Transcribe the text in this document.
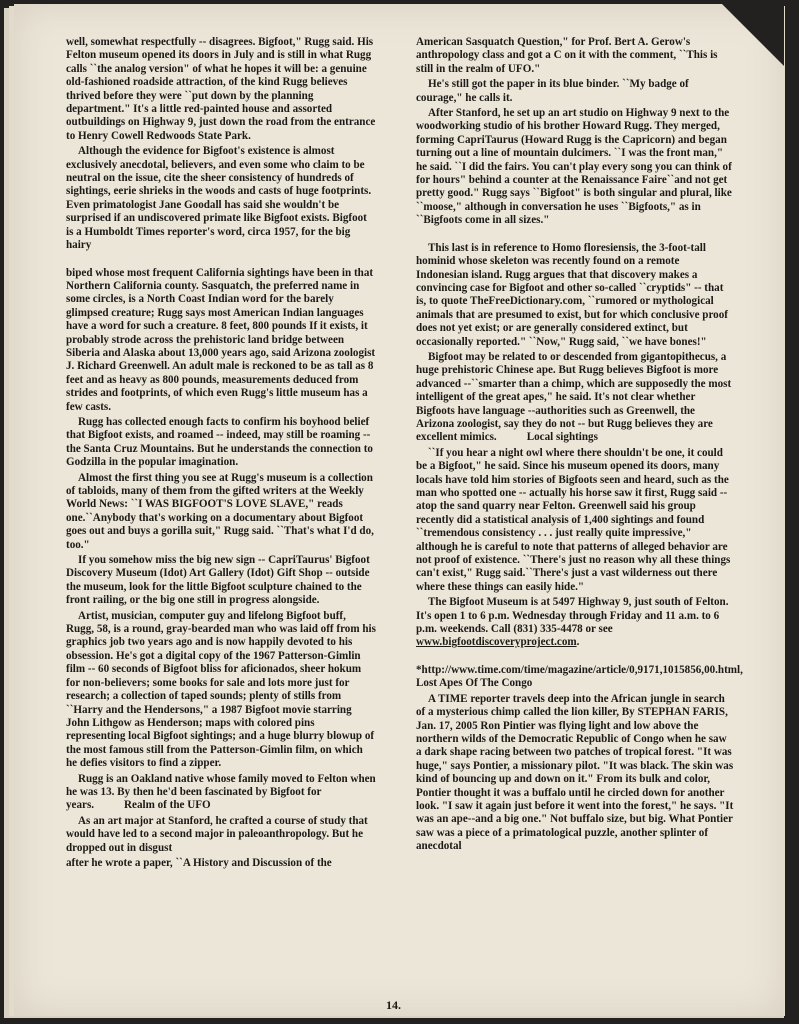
well, somewhat respectfully -- disagrees. Bigfoot," Rugg said. His Felton museum opened its doors in July and is still in what Rugg calls ``the analog version" of what he hopes it will be: a genuine old-fashioned roadside attraction, of the kind Rugg believes thrived before they were ``put down by the planning department." It's a little red-painted house and assorted outbuildings on Highway 9, just down the road from the entrance to Henry Cowell Redwoods State Park.

Although the evidence for Bigfoot's existence is almost exclusively anecdotal, believers, and even some who claim to be neutral on the issue, cite the sheer consistency of hundreds of sightings, eerie shrieks in the woods and casts of huge footprints. Even primatologist Jane Goodall has said she wouldn't be surprised if an undiscovered primate like Bigfoot exists. Bigfoot is a Humboldt Times reporter's word, circa 1957, for the big hairy

biped whose most frequent California sightings have been in that Northern California county. Sasquatch, the preferred name in some circles, is a North Coast Indian word for the barely glimpsed creature; Rugg says most American Indian languages have a word for such a creature. 8 feet, 800 pounds If it exists, it probably strode across the prehistoric land bridge between Siberia and Alaska about 13,000 years ago, said Arizona zoologist J. Richard Greenwell. An adult male is reckoned to be as tall as 8 feet and as heavy as 800 pounds, measurements deduced from strides and footprints, of which even Rugg's little museum has a few casts.

Rugg has collected enough facts to confirm his boyhood belief that Bigfoot exists, and roamed -- indeed, may still be roaming -- the Santa Cruz Mountains. But he understands the connection to Godzilla in the popular imagination.

Almost the first thing you see at Rugg's museum is a collection of tabloids, many of them from the gifted writers at the Weekly World News: ``I WAS BIGFOOT'S LOVE SLAVE," reads one.``Anybody that's working on a documentary about Bigfoot goes out and buys a gorilla suit," Rugg said. ``That's what I'd do, too."

If you somehow miss the big new sign -- CapriTaurus' Bigfoot Discovery Museum (Idot) Art Gallery (Idot) Gift Shop -- outside the museum, look for the little Bigfoot sculpture chained to the front railing, or the big one still in progress alongside.

Artist, musician, computer guy and lifelong Bigfoot buff, Rugg, 58, is a round, gray-bearded man who was laid off from his graphics job two years ago and is now happily devoted to his obsession. He's got a digital copy of the 1967 Patterson-Gimlin film -- 60 seconds of Bigfoot bliss for aficionados, sheer hokum for non-believers; some books for sale and lots more just for research; a collection of taped sounds; plenty of stills from ``Harry and the Hendersons," a 1987 Bigfoot movie starring John Lithgow as Henderson; maps with colored pins representing local Bigfoot sightings; and a huge blurry blowup of the most famous still from the Patterson-Gimlin film, on which he defies visitors to find a zipper.

Rugg is an Oakland native whose family moved to Felton when he was 13. By then he'd been fascinated by Bigfoot for years.	Realm of the UFO

As an art major at Stanford, he crafted a course of study that would have led to a second major in paleoanthropology. But he dropped out in disgust

after he wrote a paper, ``A History and Discussion of the

American Sasquatch Question," for Prof. Bert A. Gerow's anthropology class and got a C on it with the comment, ``This is still in the realm of UFO."

He's still got the paper in its blue binder. ``My badge of courage," he calls it.

After Stanford, he set up an art studio on Highway 9 next to the woodworking studio of his brother Howard Rugg. They merged, forming CapriTaurus (Howard Rugg is the Capricorn) and began turning out a line of mountain dulcimers. ``I was the front man," he said. ``I did the fairs. You can't play every song you can think of for hours" behind a counter at the Renaissance Faire``and not get pretty good." Rugg says ``Bigfoot" is both singular and plural, like ``moose," although in conversation he uses ``Bigfoots," as in ``Bigfoots come in all sizes."

This last is in reference to Homo floresiensis, the 3-foot-tall hominid whose skeleton was recently found on a remote Indonesian island. Rugg argues that that discovery makes a convincing case for Bigfoot and other so-called ``cryptids" -- that is, to quote TheFreeDictionary.com, ``rumored or mythological animals that are presumed to exist, but for which conclusive proof does not yet exist; or are generally considered extinct, but occasionally reported." ``Now," Rugg said, ``we have bones!"

Bigfoot may be related to or descended from gigantopithecus, a huge prehistoric Chinese ape. But Rugg believes Bigfoot is more advanced --``smarter than a chimp, which are supposedly the most intelligent of the great apes," he said. It's not clear whether Bigfoots have language --authorities such as Greenwell, the Arizona zoologist, say they do not -- but Rugg believes they are excellent mimics.	Local sightings

``If you hear a night owl where there shouldn't be one, it could be a Bigfoot," he said. Since his museum opened its doors, many locals have told him stories of Bigfoots seen and heard, such as the man who spotted one -- actually his horse saw it first, Rugg said -- atop the sand quarry near Felton. Greenwell said his group recently did a statistical analysis of 1,400 sightings and found ``tremendous consistency . . . just really quite impressive," although he is careful to note that patterns of alleged behavior are not proof of existence. ``There's just no reason why all these things can't exist," Rugg said.``There's just a vast wilderness out there where these things can easily hide."

The Bigfoot Museum is at 5497 Highway 9, just south of Felton. It's open 1 to 6 p.m. Wednesday through Friday and 11 a.m. to 6 p.m. weekends. Call (831) 335-4478 or see www.bigfootdiscoveryproject.com.

*http://www.time.com/time/magazine/article/0,9171,1015856,00.html, Lost Apes Of The Congo

A TIME reporter travels deep into the African jungle in search of a mysterious chimp called the lion killer, By STEPHAN FARIS, Jan. 17, 2005 Ron Pintier was flying light and low above the northern wilds of the Democratic Republic of Congo when he saw a dark shape racing between two patches of tropical forest. "It was huge," says Pontier, a missionary pilot. "It was black. The skin was kind of bouncing up and down on it." From its bulk and color, Pontier thought it was a buffalo until he circled down for another look. "I saw it again just before it went into the forest," he says. "It was an ape--and a big one." Not buffalo size, but big. What Pontier saw was a piece of a primatological puzzle, another splinter of anecdotal

14.
